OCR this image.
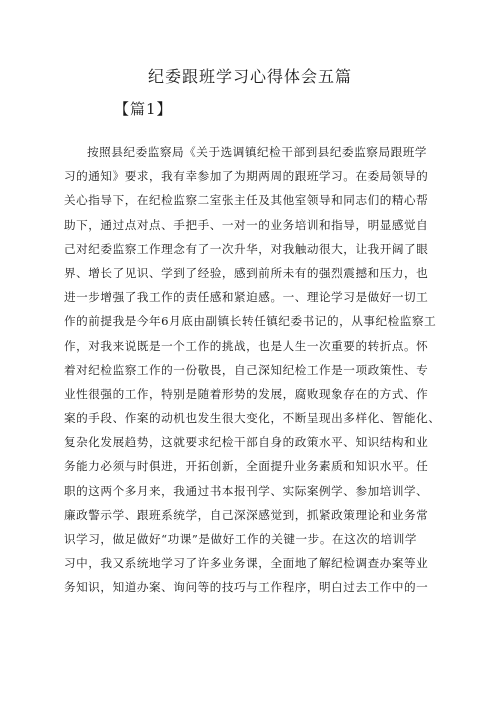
纪委跟班学习心得体会五篇
【篇1】
按照县纪委监察局《关于选调镇纪检干部到县纪委监察局跟班学
习的通知》要求，我有幸参加了为期两周的跟班学习。在委局领导的
关心指导下，在纪检监察二室张主任及其他室领导和同志们的精心帮
助下，通过点对点、手把手、一对一的业务培训和指导，明显感觉自
己对纪委监察工作理念有了一次升华，对我触动很大，让我开阔了眼
界、增长了见识、学到了经验，感到前所未有的强烈震撼和压力，也
进一步增强了我工作的责任感和紧迫感。一、理论学习是做好一切工
作的前提我是今年6月底由副镇长转任镇纪委书记的，从事纪检监察工
作，对我来说既是一个工作的挑战，也是人生一次重要的转折点。怀
着对纪检监察工作的一份敬畏，自己深知纪检工作是一项政策性、专
业性很强的工作，特别是随着形势的发展，腐败现象存在的方式、作
案的手段、作案的动机也发生很大变化，不断呈现出多样化、智能化、
复杂化发展趋势，这就要求纪检干部自身的政策水平、知识结构和业
务能力必须与时俱进，开拓创新，全面提升业务素质和知识水平。任
职的这两个多月来，我通过书本报刊学、实际案例学、参加培训学、
廉政警示学、跟班系统学，自己深深感觉到，抓紧政策理论和业务常
识学习，做足做好“功课”是做好工作的关键一步。在这次的培训学
习中，我又系统地学习了许多业务课，全面地了解纪检调查办案等业
务知识，知道办案、询问等的技巧与工作程序，明白过去工作中的一
